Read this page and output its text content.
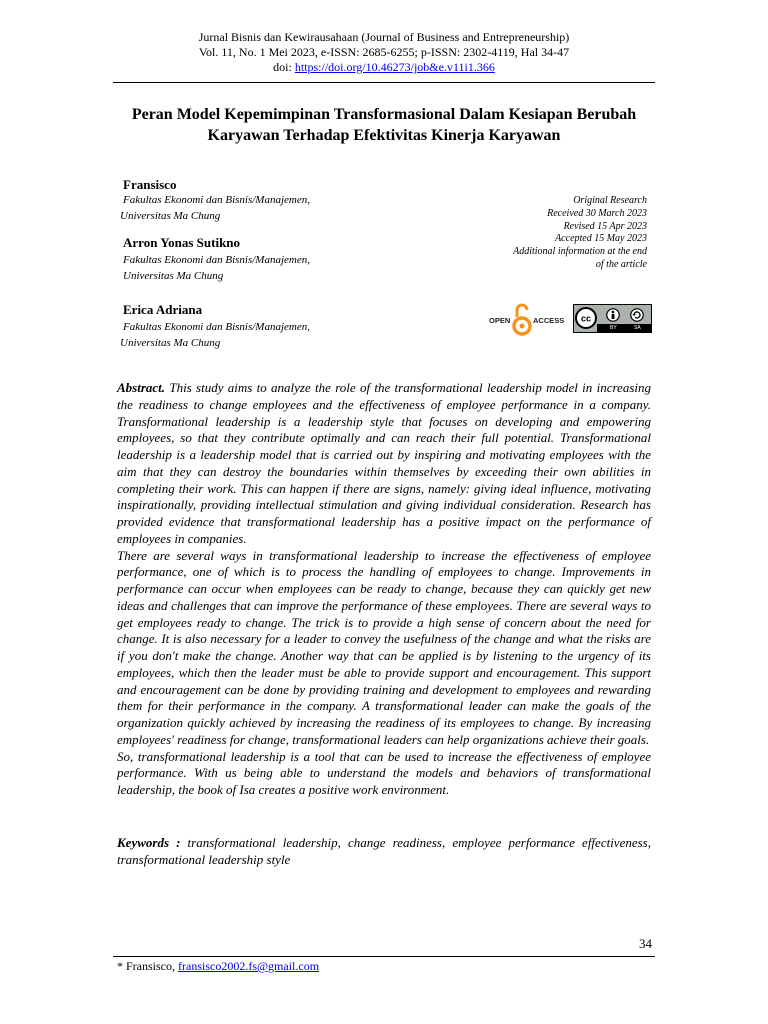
Jurnal Bisnis dan Kewirausahaan (Journal of Business and Entrepreneurship)
Vol. 11, No. 1 Mei 2023, e-ISSN: 2685-6255; p-ISSN: 2302-4119, Hal 34-47
doi: https://doi.org/10.46273/job&e.v11i1.366
Peran Model Kepemimpinan Transformasional Dalam Kesiapan Berubah
Karyawan Terhadap Efektivitas Kinerja Karyawan
Fransisco
Fakultas Ekonomi dan Bisnis/Manajemen,
Universitas Ma Chung
Arron Yonas Sutikno
Fakultas Ekonomi dan Bisnis/Manajemen,
Universitas Ma Chung
Erica Adriana
Fakultas Ekonomi dan Bisnis/Manajemen,
Universitas Ma Chung
Original Research
Received 30 March 2023
Revised 15 Apr 2023
Accepted 15 May 2023
Additional information at the end
of the article
OPEN	ACCESS cc
BY	SA

Abstract. This study aims to analyze the role of the transformational leadership model in increasing the readiness to change employees and the effectiveness of employee performance in a company. Transformational leadership is a leadership style that focuses on developing and empowering employees, so that they contribute optimally and can reach their full potential. Transformational leadership is a leadership model that is carried out by inspiring and motivating employees with the aim that they can destroy the boundaries within themselves by exceeding their own abilities in completing their work. This can happen if there are signs, namely: giving ideal influence, motivating inspirationally, providing intellectual stimulation and giving individual consideration. Research has provided evidence that transformational leadership has a positive impact on the performance of employees in companies.

There are several ways in transformational leadership to increase the effectiveness of employee performance, one of which is to process the handling of employees to change. Improvements in performance can occur when employees can be ready to change, because they can quickly get new ideas and challenges that can improve the performance of these employees. There are several ways to get employees ready to change. The trick is to provide a high sense of concern about the need for change. It is also necessary for a leader to convey the usefulness of the change and what the risks are if you don't make the change. Another way that can be applied is by listening to the urgency of its employees, which then the leader must be able to provide support and encouragement. This support and encouragement can be done by providing training and development to employees and rewarding them for their performance in the company. A transformational leader can make the goals of the organization quickly achieved by increasing the readiness of its employees to change. By increasing employees' readiness for change, transformational leaders can help organizations achieve their goals.

So, transformational leadership is a tool that can be used to increase the effectiveness of employee performance. With us being able to understand the models and behaviors of transformational leadership, the book of Isa creates a positive work environment.

Keywords : transformational leadership, change readiness, employee performance effectiveness, transformational leadership style
34
* Fransisco, fransisco2002.fs@gmail.com
